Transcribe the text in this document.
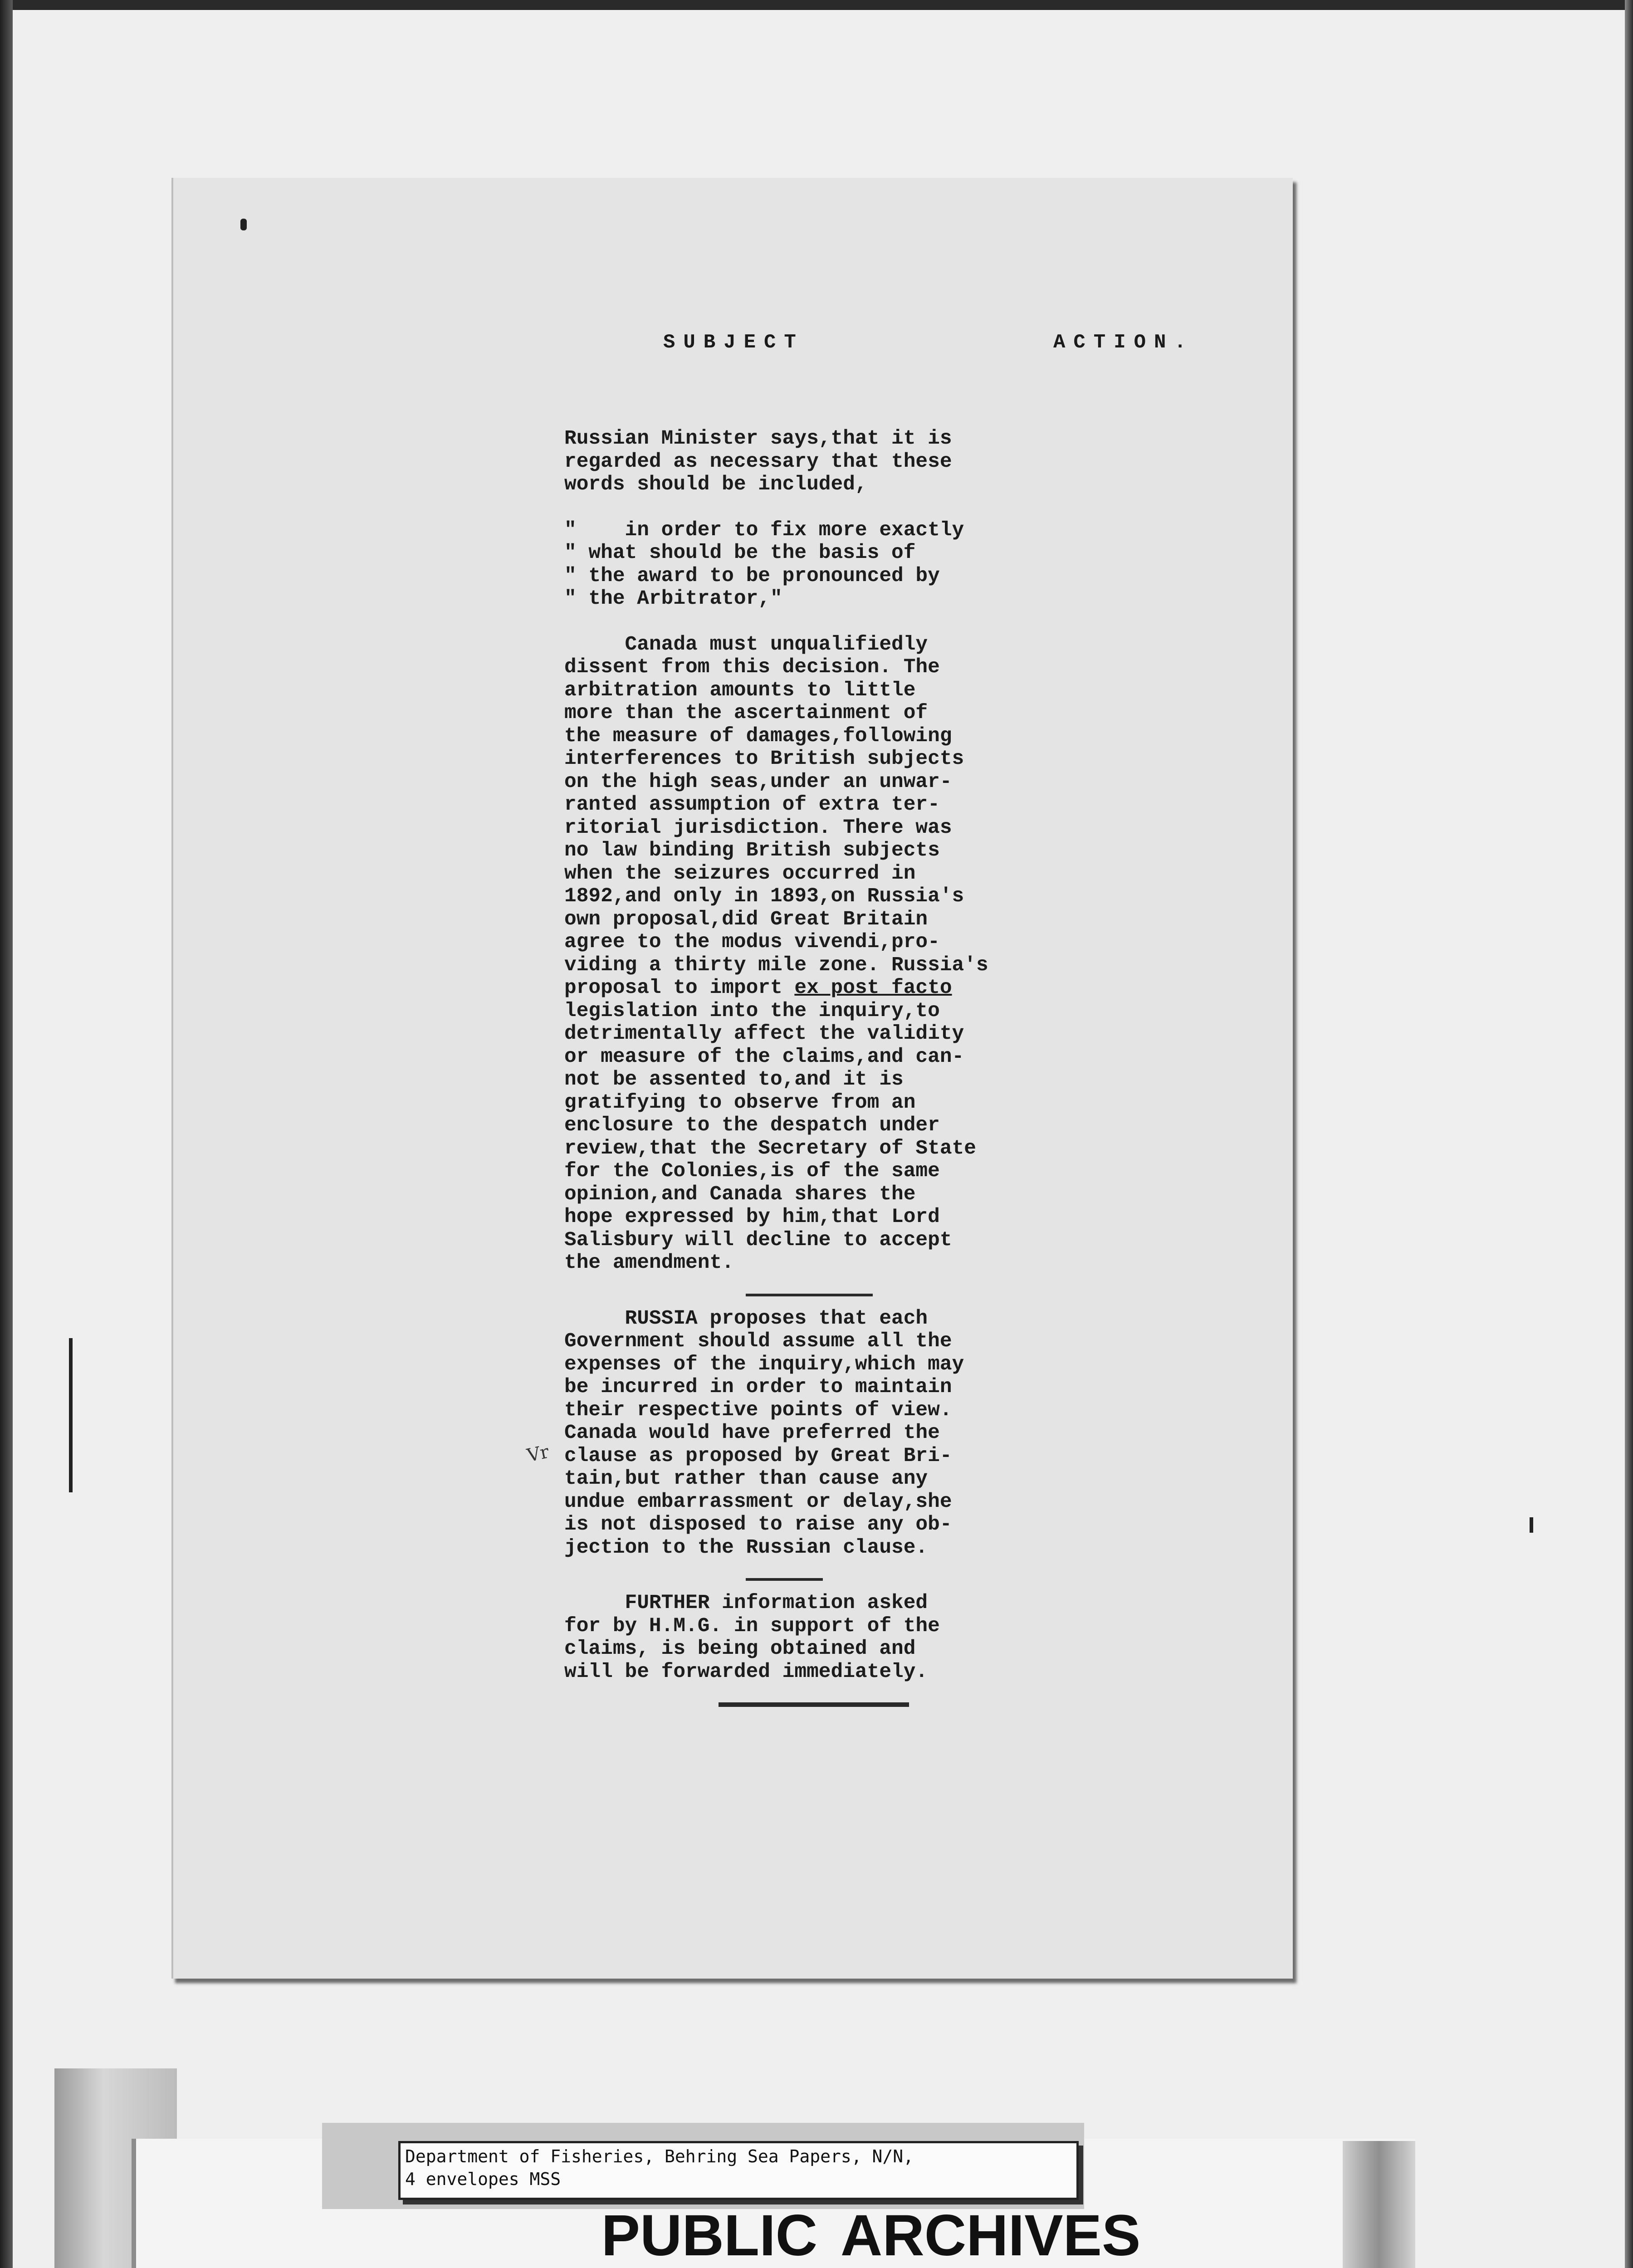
SUBJECT	ACTION.
Vr
Russian Minister says,that it is
regarded as necessary that these
words should be included,
"    in order to fix more exactly
" what should be the basis of
" the award to be pronounced by
" the Arbitrator,"
Canada must unqualifiedly
dissent from this decision. The
arbitration amounts to little
more than the ascertainment of
the measure of damages,following
interferences to British subjects
on the high seas,under an unwar-
ranted assumption of extra ter-
ritorial jurisdiction. There was
no law binding British subjects
when the seizures occurred in
1892,and only in 1893,on Russia's
own proposal,did Great Britain
agree to the modus vivendi,pro-
viding a thirty mile zone. Russia's
proposal to import ex post facto
legislation into the inquiry,to
detrimentally affect the validity
or measure of the claims,and can-
not be assented to,and it is
gratifying to observe from an
enclosure to the despatch under
review,that the Secretary of State
for the Colonies,is of the same
opinion,and Canada shares the
hope expressed by him,that Lord
Salisbury will decline to accept
the amendment.
RUSSIA proposes that each
Government should assume all the
expenses of the inquiry,which may
be incurred in order to maintain
their respective points of view.
Canada would have preferred the
clause as proposed by Great Bri-
tain,but rather than cause any
undue embarrassment or delay,she
is not disposed to raise any ob-
jection to the Russian clause.
FURTHER information asked
for by H.M.G. in support of the
claims, is being obtained and
will be forwarded immediately.
Department of Fisheries, Behring Sea Papers, N/N,
4 envelopes MSS
PUBLIC ARCHIVES
